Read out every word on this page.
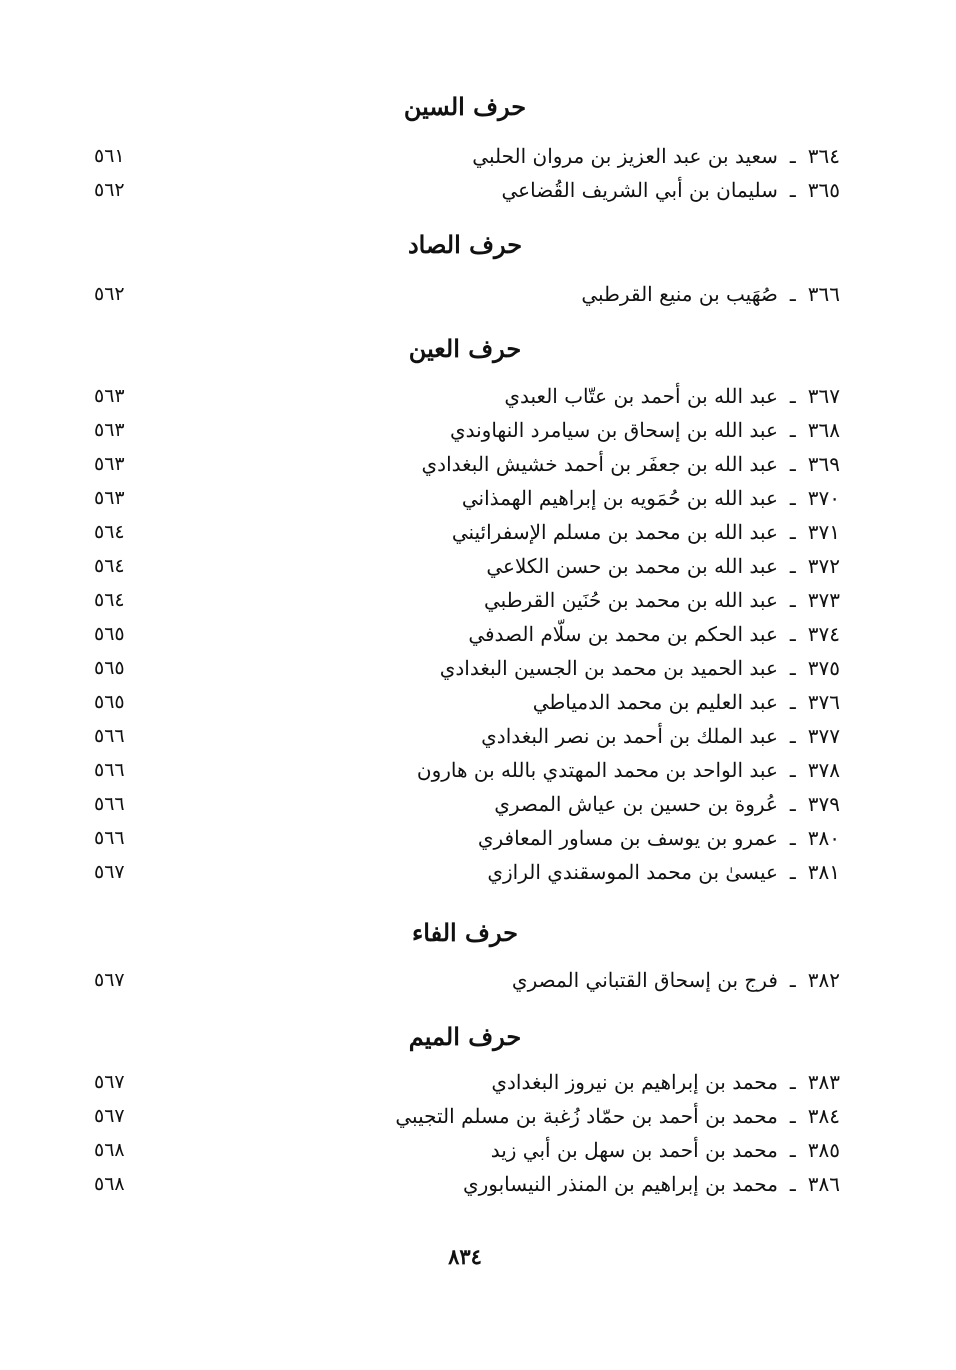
حرف السين
٣٦٤ـسعيد بن عبد العزيز بن مروان الحلبي
٥٦١
٣٦٥ـسليمان بن أبي الشريف القُضاعي
٥٦٢
حرف الصاد
٣٦٦ـصُهَيب بن منيع القرطبي
٥٦٢
حرف العين
٣٦٧ـعبد الله بن أحمد بن عتّاب العبدي
٥٦٣
٣٦٨ـعبد الله بن إسحاق بن سيامرد النهاوندي
٥٦٣
٣٦٩ـعبد الله بن جعفَر بن أحمد خشيش البغدادي
٥٦٣
٣٧٠ـعبد الله بن حُمَويه بن إبراهيم الهمذاني
٥٦٣
٣٧١ـعبد الله بن محمد بن مسلم الإسفرائيني
٥٦٤
٣٧٢ـعبد الله بن محمد بن حسن الكلاعي
٥٦٤
٣٧٣ـعبد الله بن محمد بن حُنَين القرطبي
٥٦٤
٣٧٤ـعبد الحكم بن محمد بن سلّام الصدفي
٥٦٥
٣٧٥ـعبد الحميد بن محمد بن الجسين البغدادي
٥٦٥
٣٧٦ـعبد العليم بن محمد الدمياطي
٥٦٥
٣٧٧ـعبد الملك بن أحمد بن نصر البغدادي
٥٦٦
٣٧٨ـعبد الواحد بن محمد المهتدي بالله بن هارون
٥٦٦
٣٧٩ـعُروة بن حسين بن عياش المصري
٥٦٦
٣٨٠ـعمرو بن يوسف بن مساور المعافري
٥٦٦
٣٨١ـعيسىٰ بن محمد الموسقندي الرازي
٥٦٧
حرف الفاء
٣٨٢ـفرج بن إسحاق القتباني المصري
٥٦٧
حرف الميم
٣٨٣ـمحمد بن إبراهيم بن نيروز البغدادي
٥٦٧
٣٨٤ـمحمد بن أحمد بن حمّاد زُغبة بن مسلم التجيبي
٥٦٧
٣٨٥ـمحمد بن أحمد بن سهل بن أبي زيد
٥٦٨
٣٨٦ـمحمد بن إبراهيم بن المنذر النيسابوري
٥٦٨
٨٣٤
